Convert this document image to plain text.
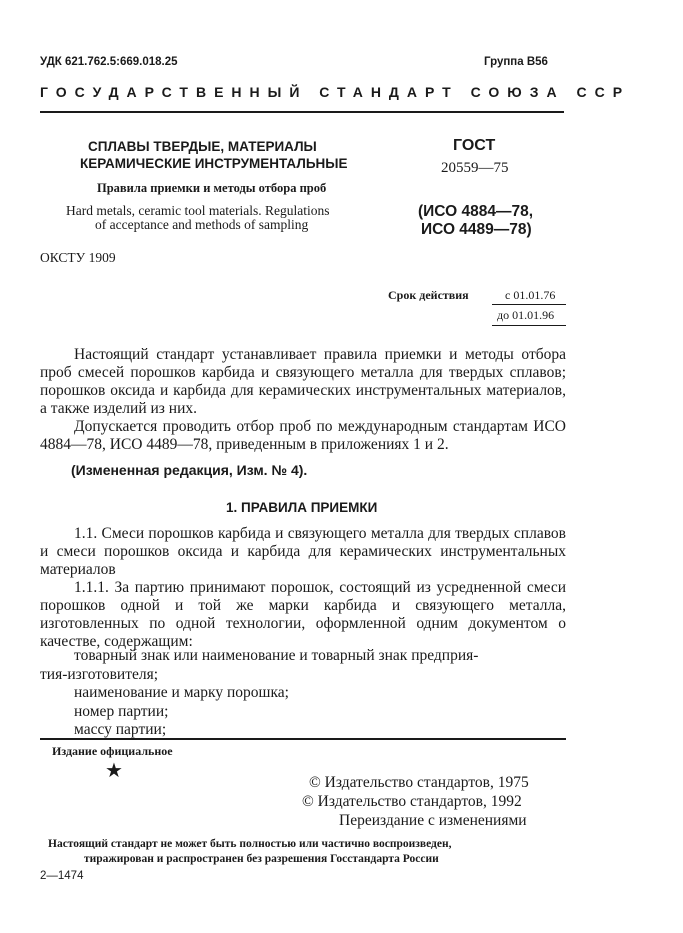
УДК 621.762.5:669.018.25	Группа В56
ГОСУДАРСТВЕННЫЙ СТАНДАРТ СОЮЗА ССР
СПЛАВЫ ТВЕРДЫЕ, МАТЕРИАЛЫ
КЕРАМИЧЕСКИЕ ИНСТРУМЕНТАЛЬНЫЕ
Правила приемки и методы отбора проб
Hard metals, ceramic tool materials. Regulations
of acceptance and methods of sampling
ОКСТУ 1909
ГОСТ
20559—75
(ИСО 4884—78,
ИСО 4489—78)
Срок действия	с 01.01.76
до 01.01.96

Настоящий стандарт устанавливает правила приемки и методы отбора проб смесей порошков карбида и связующего металла для твердых сплавов; порошков оксида и карбида для керамических инструментальных материалов, а также изделий из них.

Допускается проводить отбор проб по международным стандартам ИСО 4884—78, ИСО 4489—78, приведенным в приложениях 1 и 2.

(Измененная редакция, Изм. № 4).
1. ПРАВИЛА ПРИЕМКИ

1.1. Смеси порошков карбида и связующего металла для твердых сплавов и смеси порошков оксида и карбида для керамических инструментальных материалов

1.1.1. За партию принимают порошок, состоящий из усредненной смеси порошков одной и той же марки карбида и связующего металла, изготовленных по одной технологии, оформленной одним документом о качестве, содержащим:

товарный знак или наименование и товарный знак предприя-
тия-изготовителя;
наименование и марку порошка;
номер партии;
массу партии;
Издание официальное
★
© Издательство стандартов, 1975
© Издательство стандартов, 1992
Переиздание с изменениями
Настоящий стандарт не может быть полностью или частично воспроизведен,
тиражирован и распространен без разрешения Госстандарта России
2—1474
